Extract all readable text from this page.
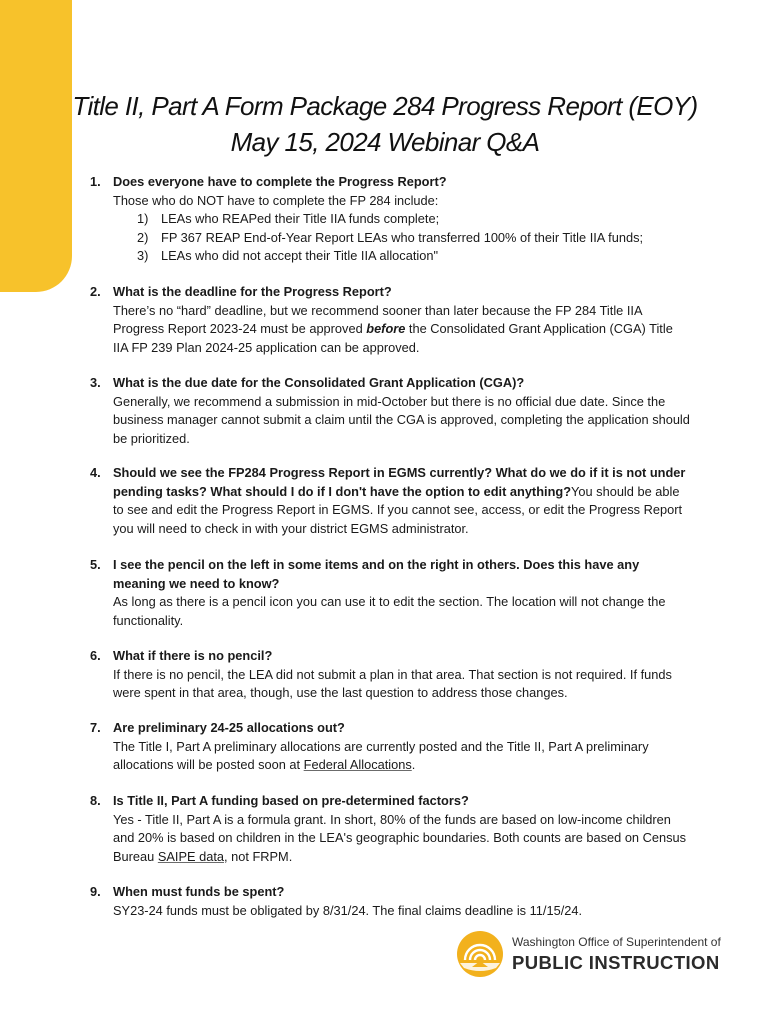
Title II, Part A Form Package 284 Progress Report (EOY)
May 15, 2024 Webinar Q&A
1. Does everyone have to complete the Progress Report?
Those who do NOT have to complete the FP 284 include:
1) LEAs who REAPed their Title IIA funds complete;
2) FP 367 REAP End-of-Year Report LEAs who transferred 100% of their Title IIA funds;
3) LEAs who did not accept their Title IIA allocation"
2. What is the deadline for the Progress Report?
There’s no “hard” deadline, but we recommend sooner than later because the FP 284 Title IIA Progress Report 2023-24 must be approved before the Consolidated Grant Application (CGA) Title IIA FP 239 Plan 2024-25 application can be approved.
3. What is the due date for the Consolidated Grant Application (CGA)?
Generally, we recommend a submission in mid-October but there is no official due date. Since the business manager cannot submit a claim until the CGA is approved, completing the application should be prioritized.
4. Should we see the FP284 Progress Report in EGMS currently? What do we do if it is not under pending tasks? What should I do if I don't have the option to edit anything?You should be able to see and edit the Progress Report in EGMS. If you cannot see, access, or edit the Progress Report you will need to check in with your district EGMS administrator.
5. I see the pencil on the left in some items and on the right in others. Does this have any meaning we need to know?
As long as there is a pencil icon you can use it to edit the section. The location will not change the functionality.
6. What if there is no pencil?
If there is no pencil, the LEA did not submit a plan in that area. That section is not required. If funds were spent in that area, though, use the last question to address those changes.
7. Are preliminary 24-25 allocations out?
The Title I, Part A preliminary allocations are currently posted and the Title II, Part A preliminary allocations will be posted soon at Federal Allocations.
8. Is Title II, Part A funding based on pre-determined factors?
Yes - Title II, Part A is a formula grant. In short, 80% of the funds are based on low-income children and 20% is based on children in the LEA's geographic boundaries. Both counts are based on Census Bureau SAIPE data, not FRPM.
9. When must funds be spent?
SY23-24 funds must be obligated by 8/31/24. The final claims deadline is 11/15/24.
Washington Office of Superintendent of
PUBLIC INSTRUCTION
